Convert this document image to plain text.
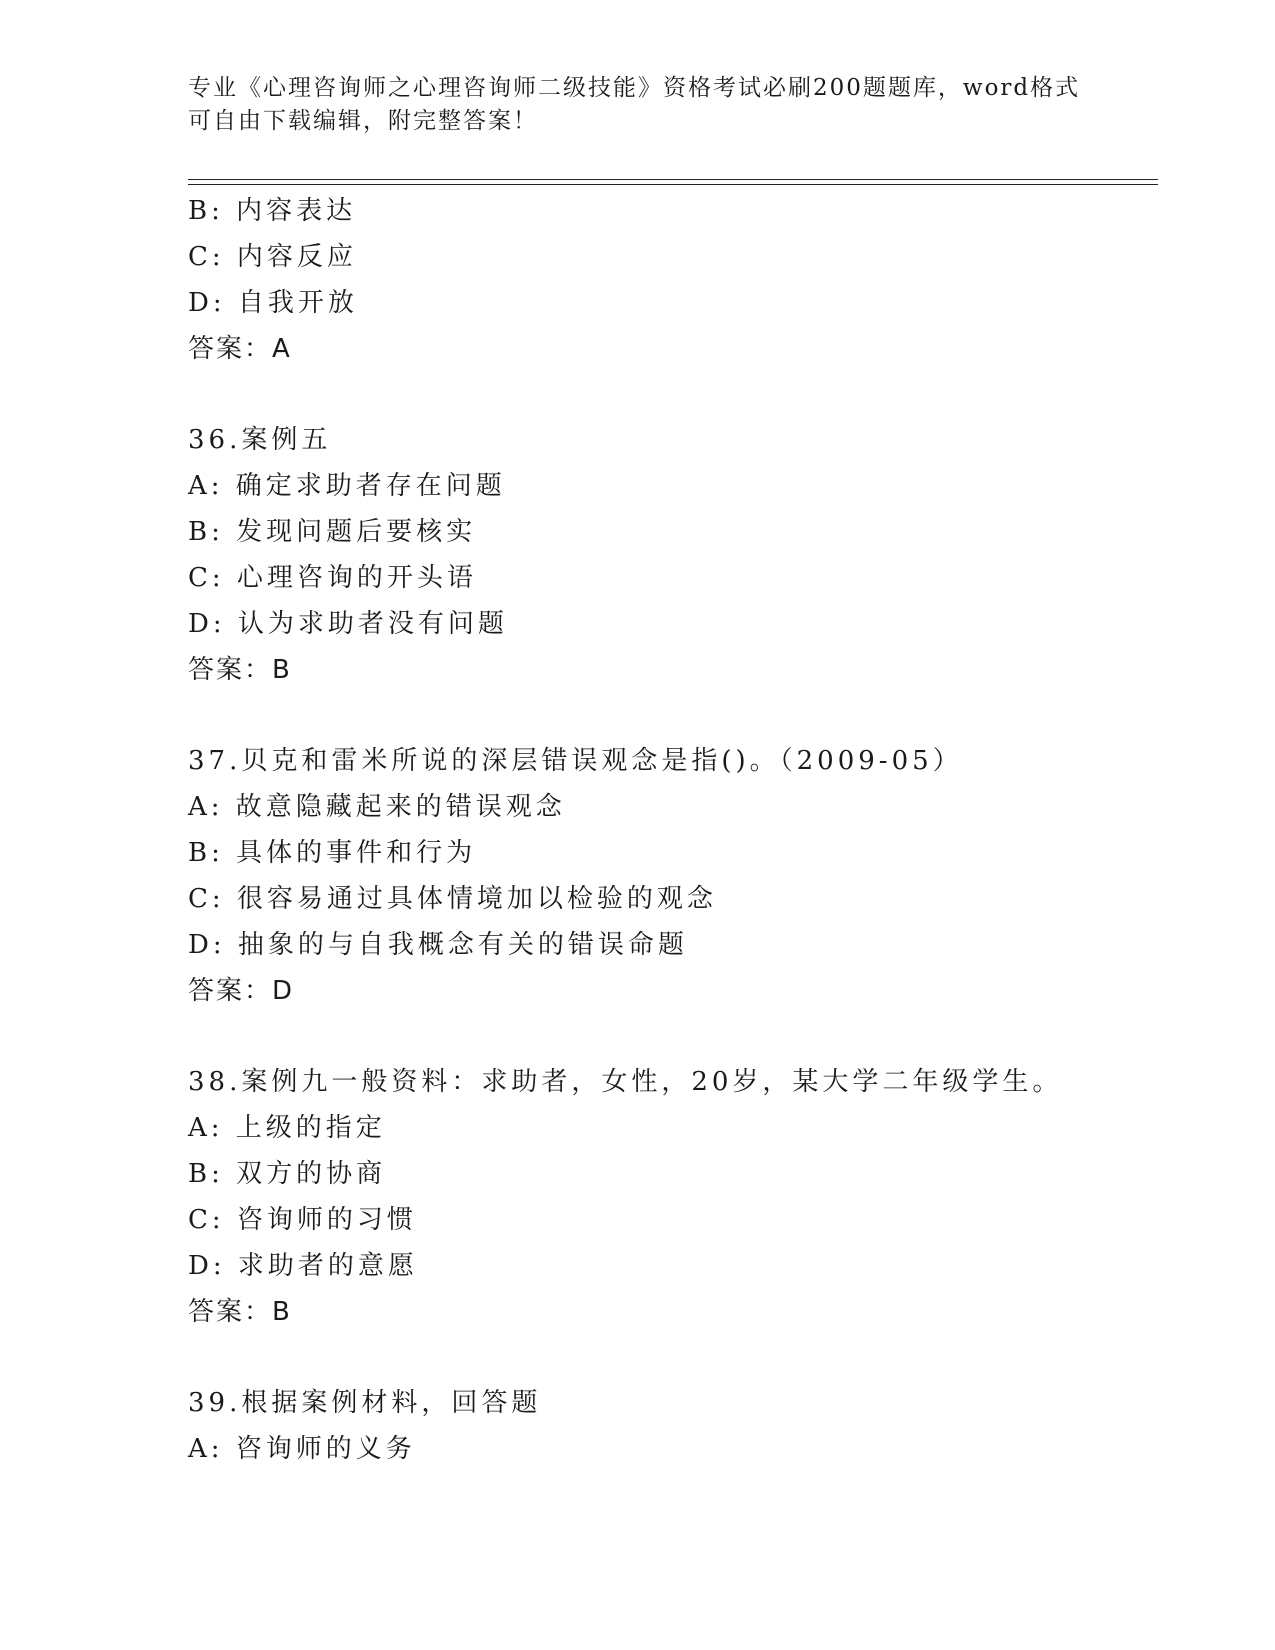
专业《心理咨询师之心理咨询师二级技能》资格考试必刷200题题库，word格式
可自由下载编辑，附完整答案！
B: 内容表达
C: 内容反应
D: 自我开放
答案：A
36.案例五
A: 确定求助者存在问题
B: 发现问题后要核实
C: 心理咨询的开头语
D: 认为求助者没有问题
答案：B
37.贝克和雷米所说的深层错误观念是指()。（2009-05）
A: 故意隐藏起来的错误观念
B: 具体的事件和行为
C: 很容易通过具体情境加以检验的观念
D: 抽象的与自我概念有关的错误命题
答案：D
38.案例九一般资料：求助者，女性，20岁，某大学二年级学生。
A: 上级的指定
B: 双方的协商
C: 咨询师的习惯
D: 求助者的意愿
答案：B
39.根据案例材料，回答题
A: 咨询师的义务
